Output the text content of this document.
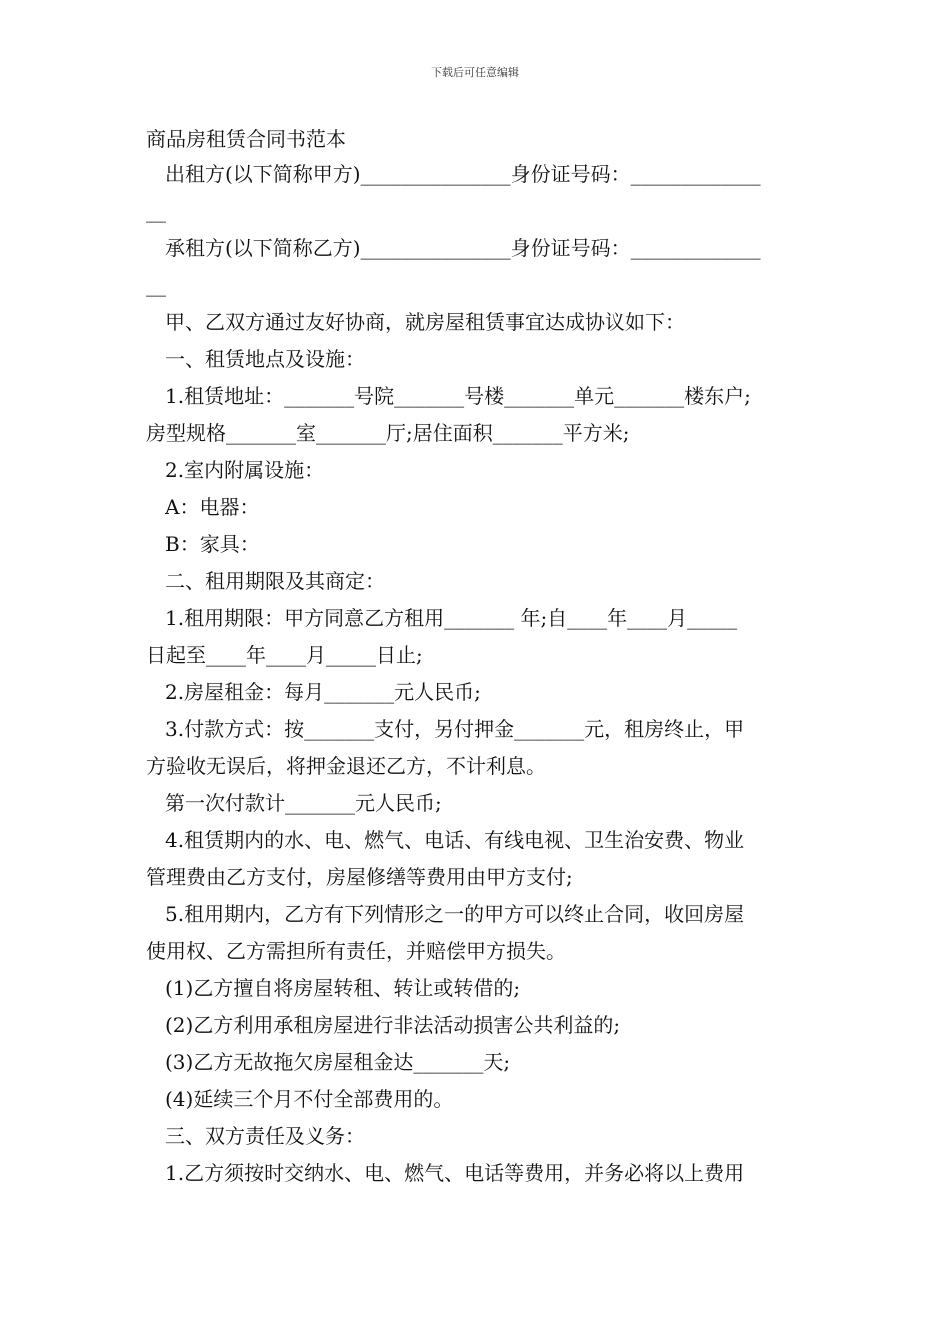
下载后可任意编辑
商品房租赁合同书范本
出租方(以下简称甲方)_______________身份证号码：_____________
__
承租方(以下简称乙方)_______________身份证号码：_____________
__
甲、乙双方通过友好协商，就房屋租赁事宜达成协议如下：
一、租赁地点及设施：
1.租赁地址：_______号院_______号楼_______单元_______楼东户;
房型规格_______室_______厅;居住面积_______平方米;
2.室内附属设施：
A：电器：
B：家具：
二、租用期限及其商定：
1.租用期限：甲方同意乙方租用_______ 年;自____年____月_____
日起至____年____月_____日止;
2.房屋租金：每月_______元人民币;
3.付款方式：按_______支付，另付押金_______元，租房终止，甲
方验收无误后，将押金退还乙方，不计利息。
第一次付款计_______元人民币;
4.租赁期内的水、电、燃气、电话、有线电视、卫生治安费、物业
管理费由乙方支付，房屋修缮等费用由甲方支付;
5.租用期内，乙方有下列情形之一的甲方可以终止合同，收回房屋
使用权、乙方需担所有责任，并赔偿甲方损失。
(1)乙方擅自将房屋转租、转让或转借的;
(2)乙方利用承租房屋进行非法活动损害公共利益的;
(3)乙方无故拖欠房屋租金达_______天;
(4)延续三个月不付全部费用的。
三、双方责任及义务：
1.乙方须按时交纳水、电、燃气、电话等费用，并务必将以上费用
